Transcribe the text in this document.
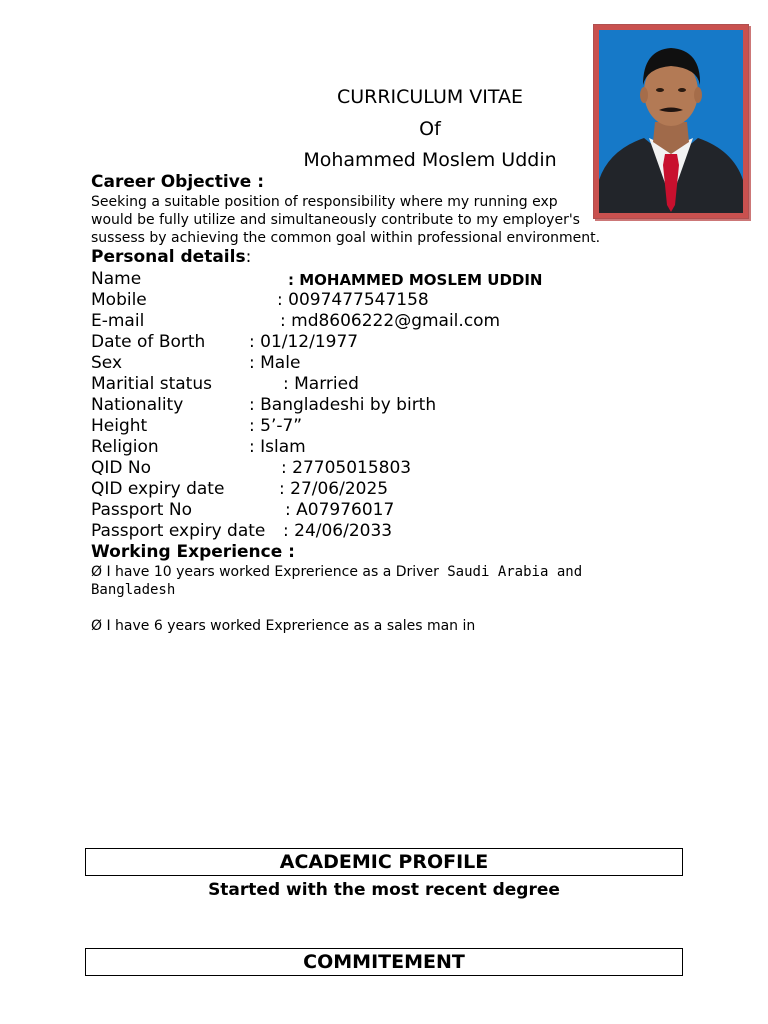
CURRICULUM VITAE
Of
Mohammed Moslem Uddin
Career Objective :
Seeking a suitable position of responsibility where my running exp
would be fully utilize and simultaneously contribute to my employer's
sussess by achieving the common goal within professional environment.
Personal details:
Name	: MOHAMMED MOSLEM UDDIN
Mobile	: 0097477547158
E-mail	: md8606222@gmail.com
Date of Borth	: 01/12/1977
Sex	: Male
Maritial status	: Married
Nationality	: Bangladeshi by birth
Height	: 5’-7”
Religion	: Islam
QID No	: 27705015803
QID expiry date	: 27/06/2025
Passport No	: A07976017
Passport expiry date : 24/06/2033
Working Experience :
Ø I have 10 years worked Exprerience as a Driver Saudi Arabia and
Bangladesh
Ø I have 6 years worked Exprerience as a sales man in
ACADEMIC PROFILE
Started with the most recent degree
COMMITEMENT
